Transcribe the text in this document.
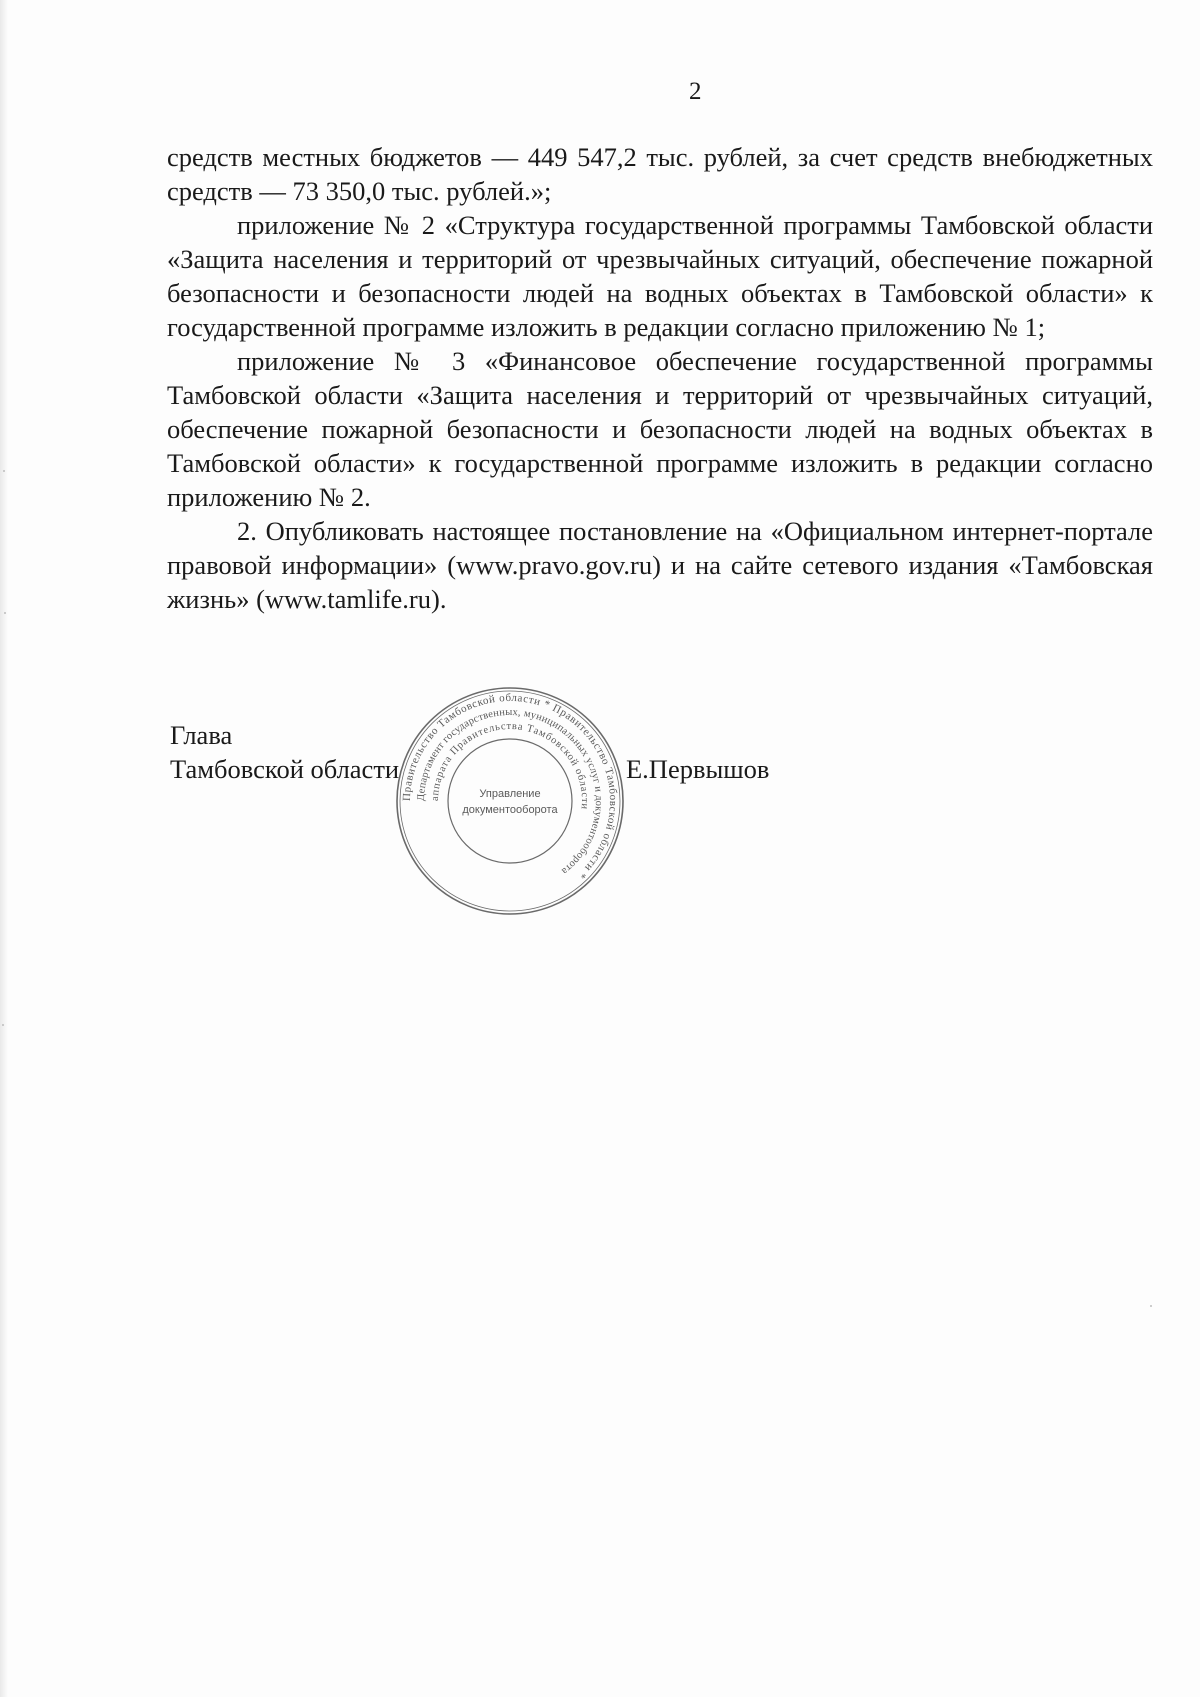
2

средств местных бюджетов — 449 547,2 тыс. рублей, за счет средств внебюджетных средств — 73 350,0 тыс. рублей.»;

приложение № 2 «Структура государственной программы Тамбовской области «Защита населения и территорий от чрезвычайных ситуаций, обеспечение пожарной безопасности и безопасности людей на водных объектах в Тамбовской области» к государственной программе изложить в редакции согласно приложению № 1;

приложение № 3 «Финансовое обеспечение государственной программы Тамбовской области «Защита населения и территорий от чрезвычайных ситуаций, обеспечение пожарной безопасности и безопасности людей на водных объектах в Тамбовской области» к государственной программе изложить в редакции согласно приложению № 2.

2. Опубликовать настоящее постановление на «Официальном интернет-портале правовой информации» (www.pravo.gov.ru) и на сайте сетевого издания «Тамбовская жизнь» (www.tamlife.ru).

Глава
Тамбовской области	Е.Первышов
Правительство Тамбовской области * Правительство Тамбовской области *
Департамент государственных, муниципальных услуг и документооборота
аппарата Правительства Тамбовской области
Управление
документооборота
